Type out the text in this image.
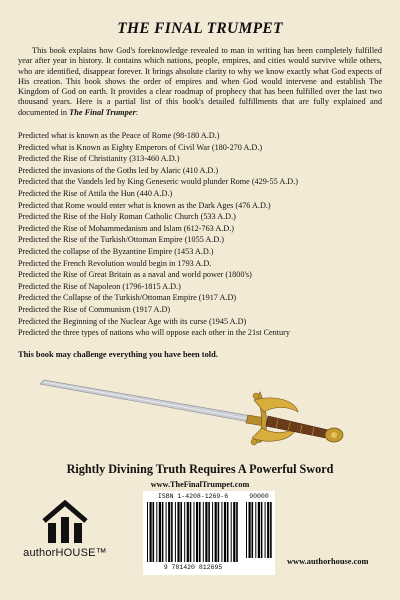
THE FINAL TRUMPET

This book explains how God's foreknowledge revealed to man in writing has been completely fulfilled year after year in history. It contains which nations, people, empires, and cities would survive while others, who are identified, disappear forever. It brings absolute clarity to why we know exactly what God expects of His creation. This book shows the order of empires and when God would intervene and establish The Kingdom of God on earth. It provides a clear roadmap of prophecy that has been fulfilled over the last two thousand years. Here is a partial list of this book's detailed fulfillments that are fully explained and documented in The Final Trumper:

Predicted what is known as the Peace of Rome (98-180 A.D.)
Predicted what is Known as Eighty Emperors of Civil War (180-270 A.D.)
Predicted the Rise of Christianity (313-460 A.D.)
Predicted the invasions of the Goths led by Alaric (410 A.D.)
Predicted that the Vandels led by King Geneseric would plunder Rome (429-55 A.D.)
Predicted the Rise of Attila the Hun (440 A.D.)
Predicted that Rome would enter what is known as the Dark Ages (476 A.D.)
Predicted the Rise of the Holy Roman Catholic Church (533 A.D.)
Predicted the Rise of Mohammedanism and Islam (612-763 A.D.)
Predicted the Rise of the Turkish/Ottoman Empire (1055 A.D.)
Predicted the collapse of the Byzantine Empire (1453 A.D.)
Predicted the French Revolution would begin in 1793 A.D.
Predicted the Rise of Great Britain as a naval and world power (1800's)
Predicted the Rise of Napoleon (1796-1815 A.D.)
Predicted the Collapse of the Turkish/Ottoman Empire (1917 A.D)
Predicted the Rise of Communism (1917 A.D)
Predicted the Beginning of the Nuclear Age with its curse (1945 A.D)
Predicted the three types of nations who will oppose each other in the 21st Century
This book may challenge everything you have been told.
Rightly Divining Truth Requires A Powerful Sword
www.TheFinalTrumpet.com
authorHOUSE™
ISBN 1-4208-1269-6
9 781420 812695
90000
www.authorhouse.com
